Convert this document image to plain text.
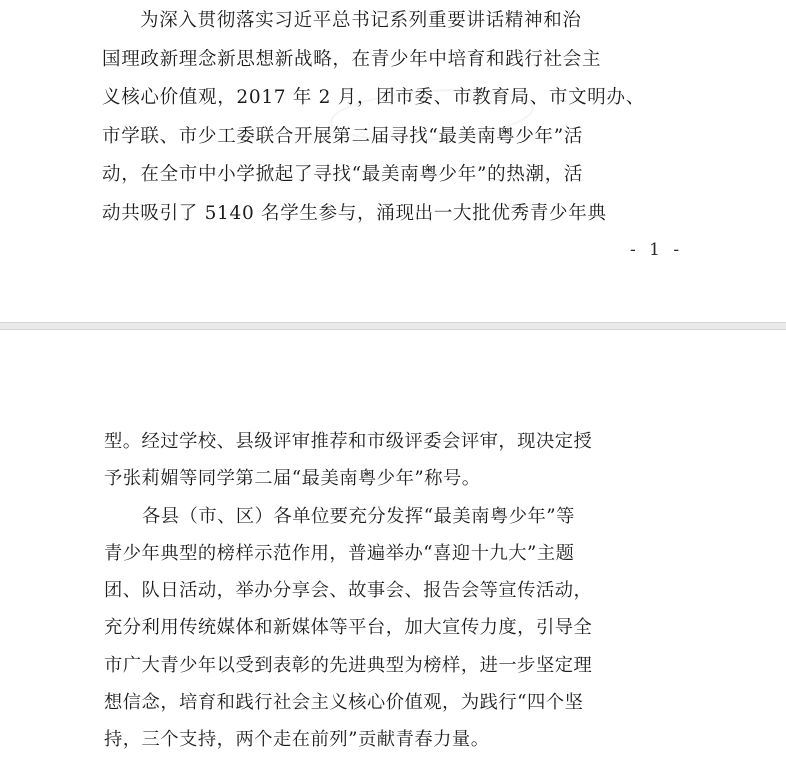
为深入贯彻落实习近平总书记系列重要讲话精神和治
国理政新理念新思想新战略，在青少年中培育和践行社会主
义核心价值观，2017 年 2 月，团市委、市教育局、市文明办、
市学联、市少工委联合开展第二届寻找“最美南粤少年”活
动，在全市中小学掀起了寻找“最美南粤少年”的热潮，活
动共吸引了 5140 名学生参与，涌现出一大批优秀青少年典
- 1 -
型。经过学校、县级评审推荐和市级评委会评审，现决定授
予张莉媚等同学第二届“最美南粤少年”称号。
各县（市、区）各单位要充分发挥“最美南粤少年”等
青少年典型的榜样示范作用，普遍举办“喜迎十九大”主题
团、队日活动，举办分享会、故事会、报告会等宣传活动，
充分利用传统媒体和新媒体等平台，加大宣传力度，引导全
市广大青少年以受到表彰的先进典型为榜样，进一步坚定理
想信念，培育和践行社会主义核心价值观，为践行“四个坚
持，三个支持，两个走在前列”贡献青春力量。
